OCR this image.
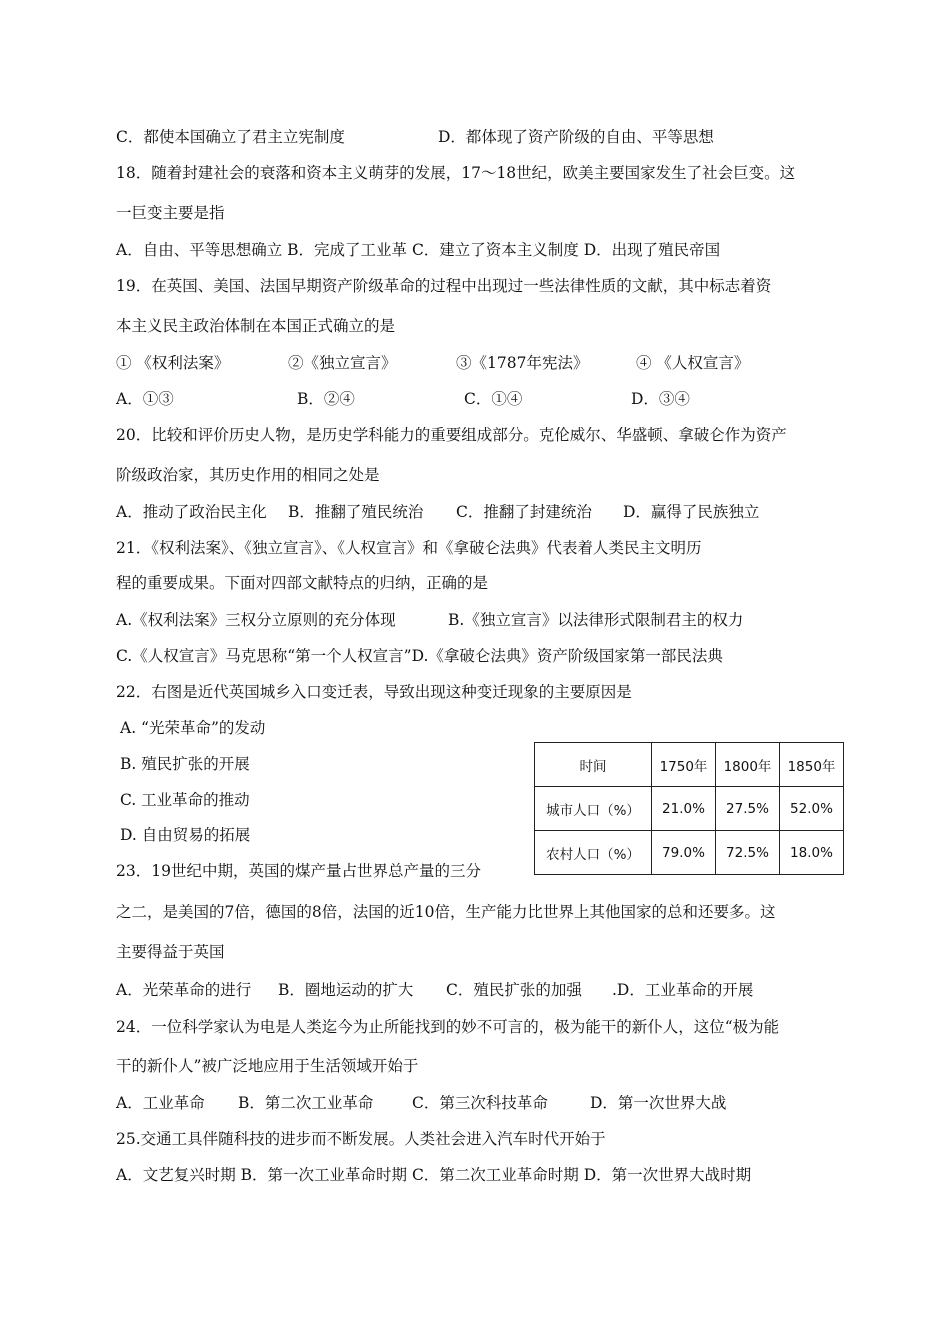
C．都使本国确立了君主立宪制度	D．都体现了资产阶级的自由、平等思想
18．随着封建社会的衰落和资本主义萌芽的发展，17～18世纪，欧美主要国家发生了社会巨变。这
一巨变主要是指
A．自由、平等思想确立 B．完成了工业革 C．建立了资本主义制度 D．出现了殖民帝国
19．在英国、美国、法国早期资产阶级革命的过程中出现过一些法律性质的文献，其中标志着资
本主义民主政治体制在本国正式确立的是
① 《权利法案》	②《独立宣言》	③《1787年宪法》	④ 《人权宣言》
A．①③	B．②④	C．①④	D．③④
20．比较和评价历史人物，是历史学科能力的重要组成部分。克伦威尔、华盛顿、拿破仑作为资产
阶级政治家，其历史作用的相同之处是
A．推动了政治民主化 B．推翻了殖民统治 C．推翻了封建统治 D．赢得了民族独立
21．《权利法案》、《独立宣言》、《人权宣言》和《拿破仑法典》代表着人类民主文明历
程的重要成果。下面对四部文献特点的归纳，正确的是
A.《权利法案》三权分立原则的充分体现	B.《独立宣言》以法律形式限制君主的权力
C.《人权宣言》马克思称“第一个人权宣言”D.《拿破仑法典》资产阶级国家第一部民法典
22．右图是近代英国城乡入口变迁表，导致出现这种变迁现象的主要原因是
A. “光荣革命”的发动
B. 殖民扩张的开展
C. 工业革命的推动
D. 自由贸易的拓展
时间	1750年	1800年	1850年
城市人口（%）	21.0%	27.5%	52.0%
农村人口（%）	79.0%	72.5%	18.0%
23．19世纪中期，英国的煤产量占世界总产量的三分
之二，是美国的7倍，德国的8倍，法国的近10倍，生产能力比世界上其他国家的总和还要多。这
主要得益于英国
A．光荣革命的进行 B．圈地运动的扩大 C．殖民扩张的加强 .D．工业革命的开展
24．一位科学家认为电是人类迄今为止所能找到的妙不可言的，极为能干的新仆人，这位“极为能
干的新仆人”被广泛地应用于生活领域开始于
A．工业革命 B．第二次工业革命 C．第三次科技革命	D．第一次世界大战
25.交通工具伴随科技的进步而不断发展。人类社会进入汽车时代开始于
A．文艺复兴时期 B．第一次工业革命时期 C．第二次工业革命时期 D．第一次世界大战时期
